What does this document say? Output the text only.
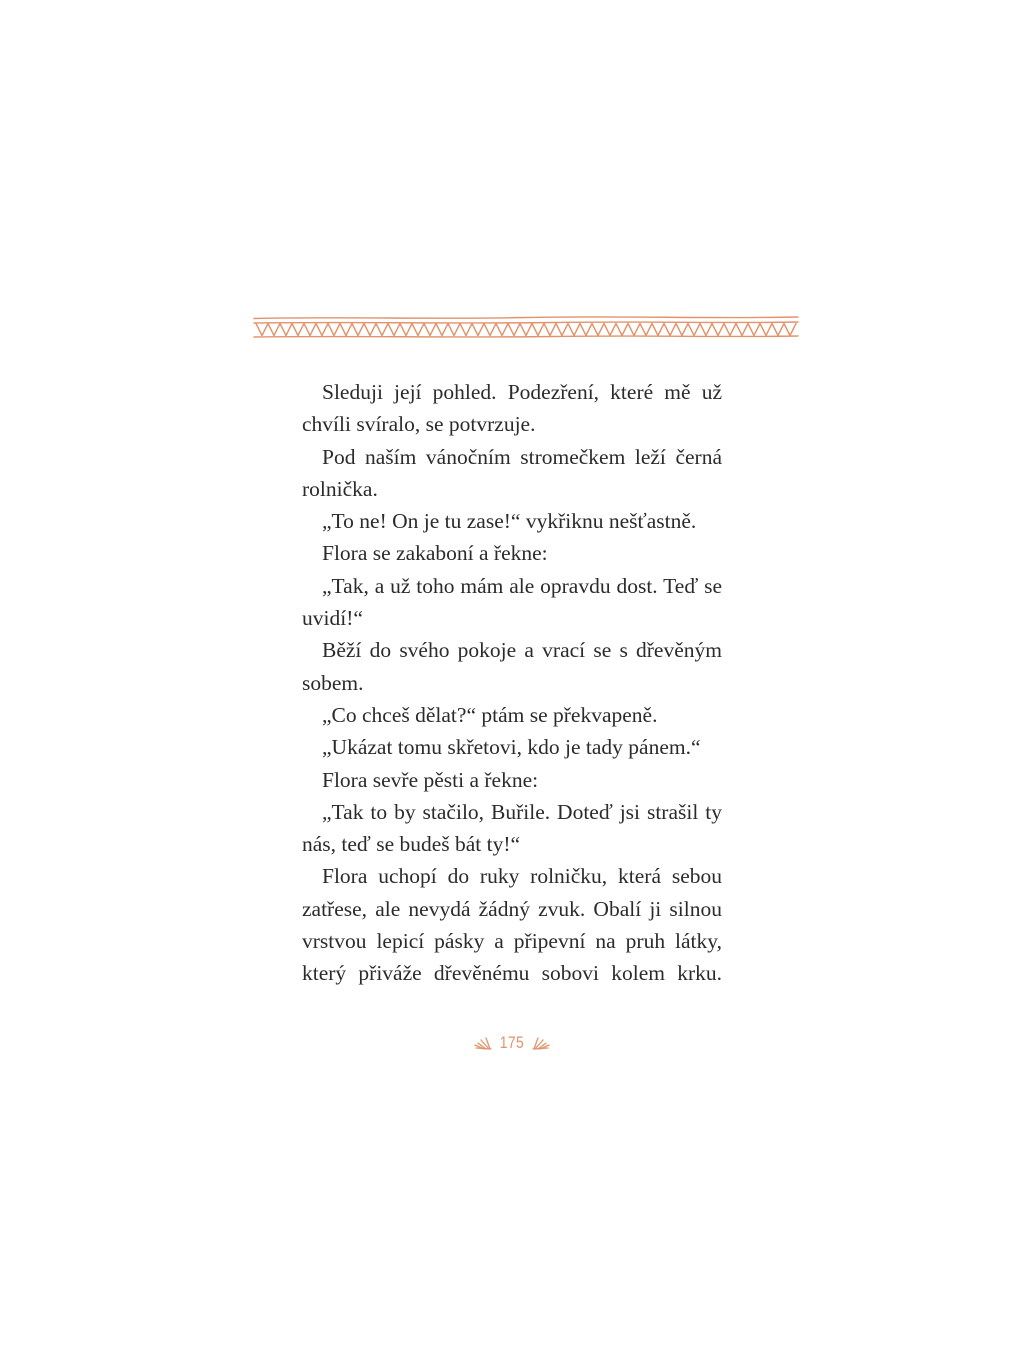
Sleduji její pohled. Podezření, které mě už chvíli svíralo, se potvrzuje.

Pod naším vánočním stromečkem leží černá rolnička.

„To ne! On je tu zase!“ vykřiknu nešťastně.

Flora se zakaboní a řekne:

„Tak, a už toho mám ale opravdu dost. Teď se uvidí!“

Běží do svého pokoje a vrací se s dřevěným sobem.

„Co chceš dělat?“ ptám se překvapeně.

„Ukázat tomu skřetovi, kdo je tady pánem.“

Flora sevře pěsti a řekne:

„Tak to by stačilo, Buřile. Doteď jsi strašil ty nás, teď se budeš bát ty!“

Flora uchopí do ruky rolničku, která sebou zatřese, ale nevydá žádný zvuk. Obalí ji silnou vrstvou lepicí pásky a připevní na pruh látky, který přiváže dřevěnému sobovi kolem krku.

175
